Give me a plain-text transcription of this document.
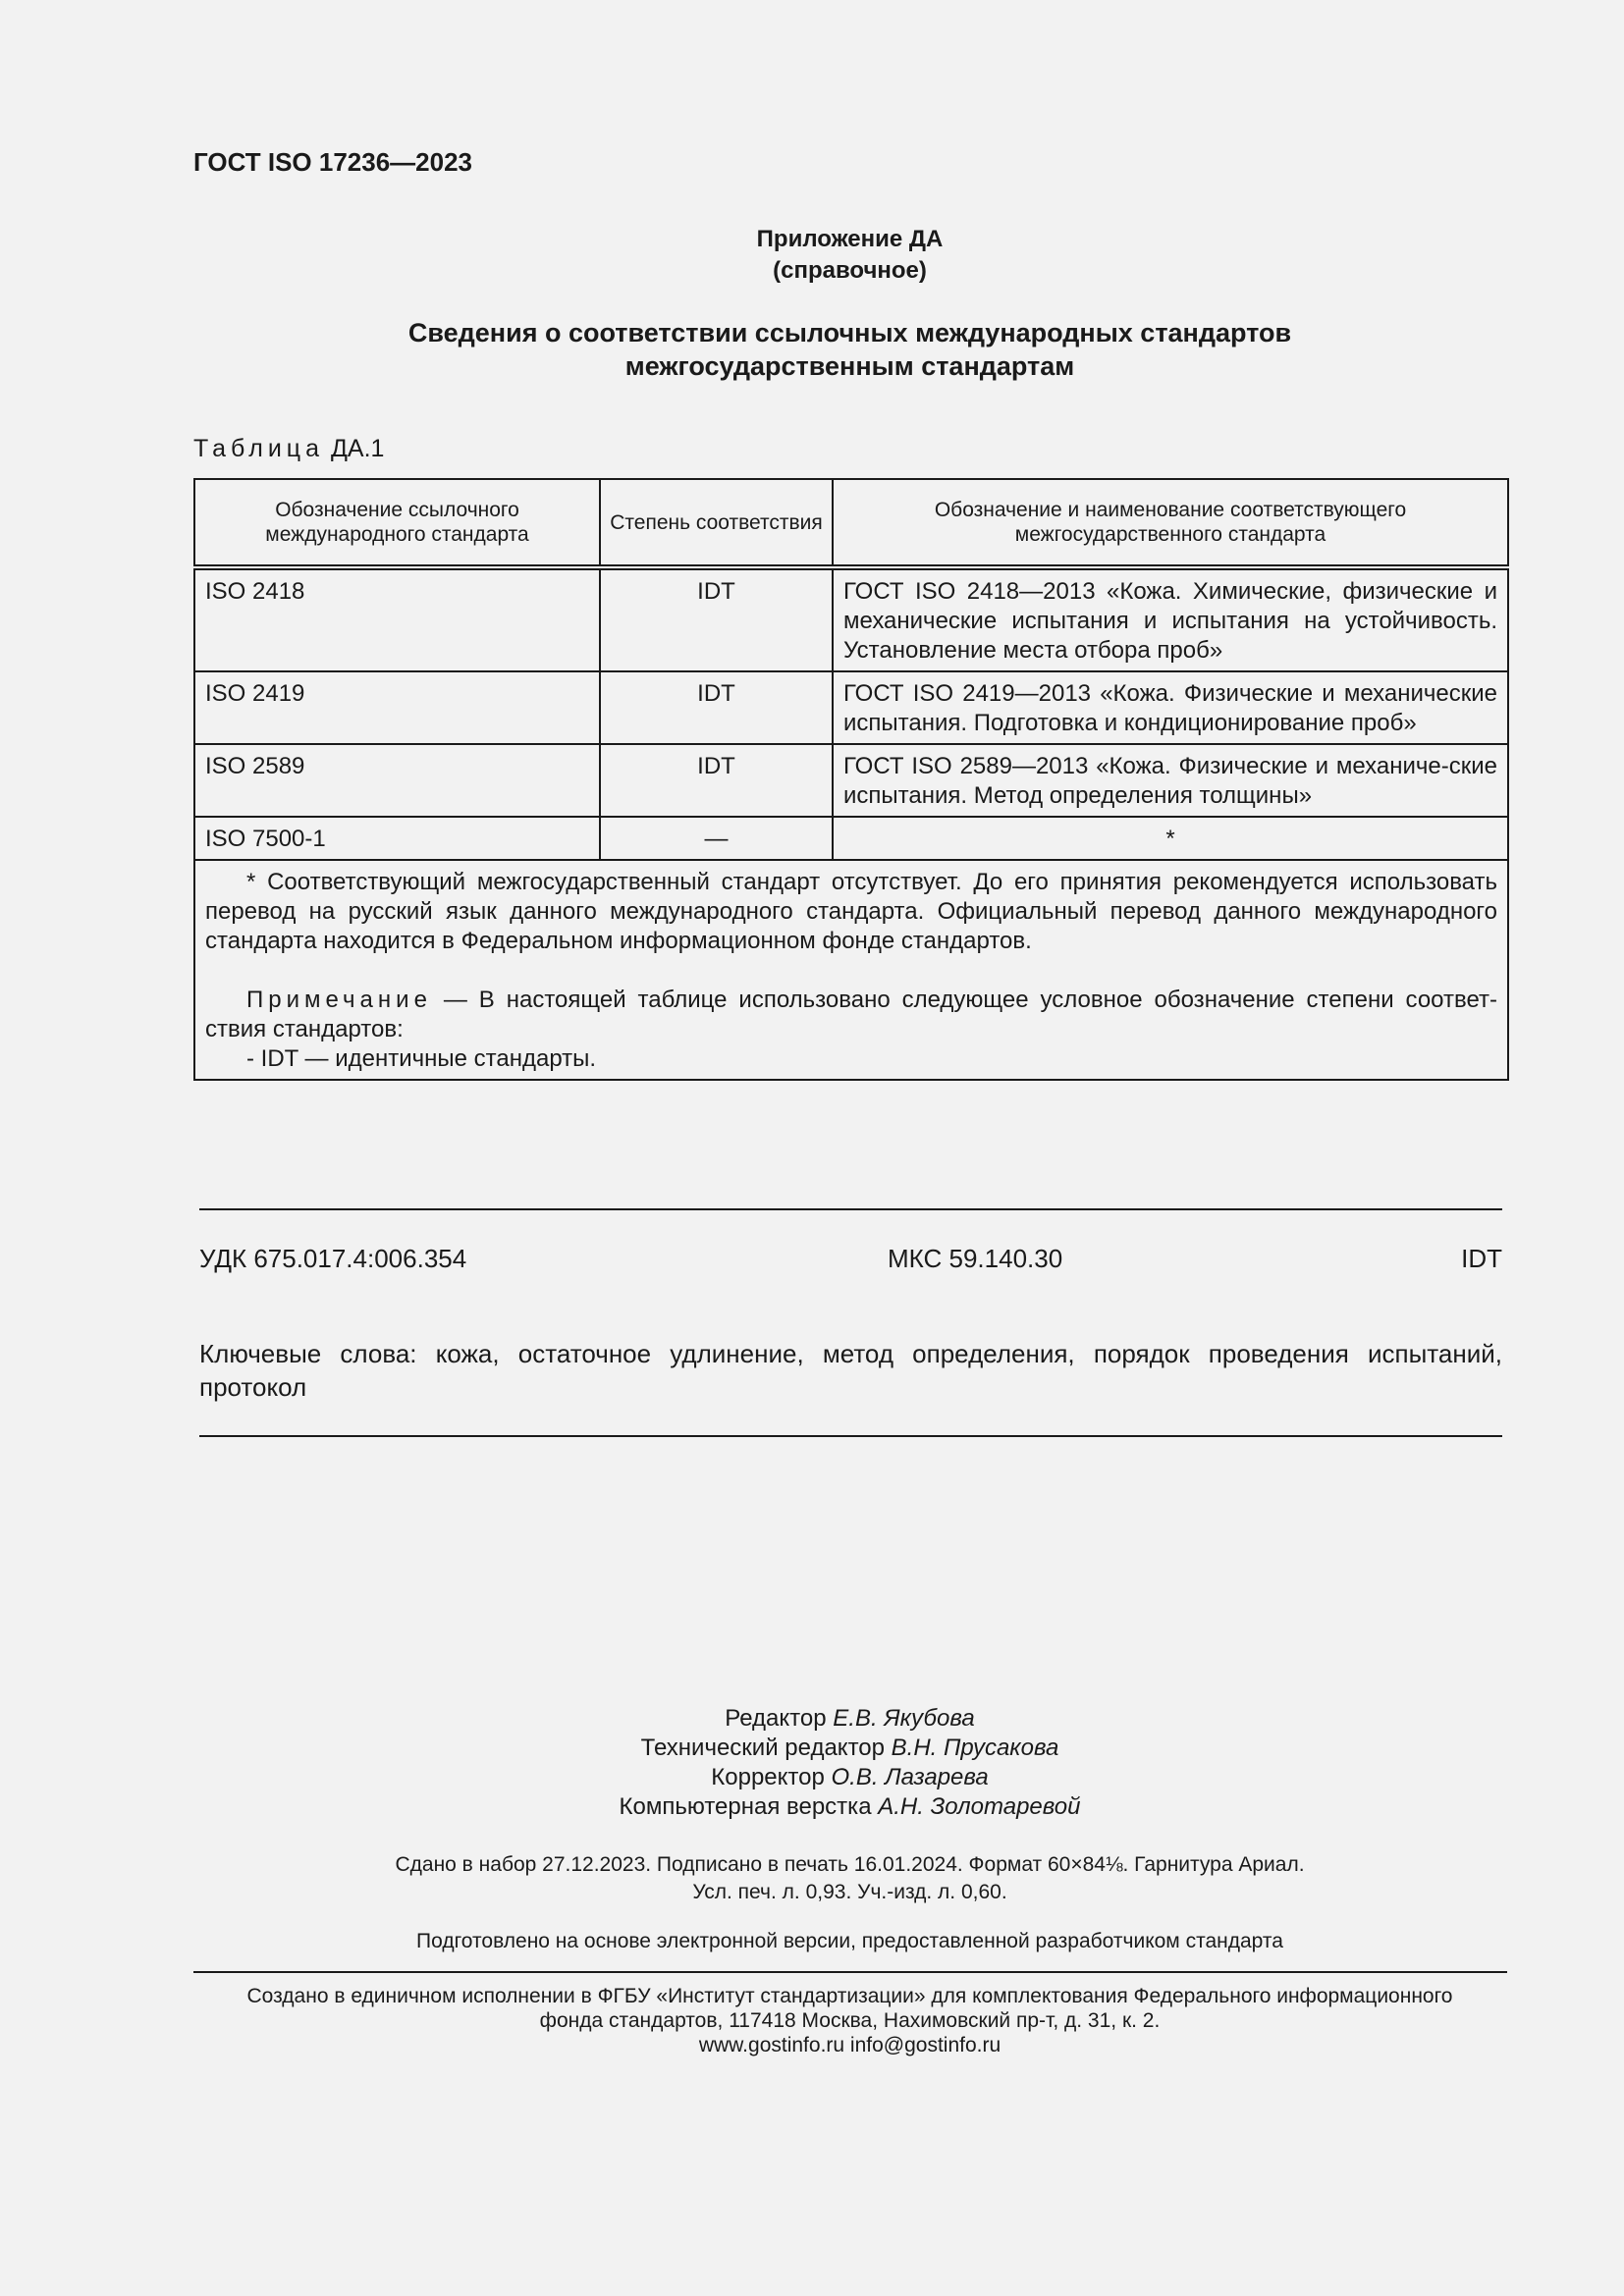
ГОСТ ISO 17236—2023
Приложение ДА
(справочное)
Сведения о соответствии ссылочных международных стандартов
межгосударственным стандартам
Таблица ДА.1
Обозначение ссылочного международного стандарта	Степень соответствия	Обозначение и наименование соответствующего межгосударственного стандарта
ISO 2418	IDT	ГОСТ ISO 2418—2013 «Кожа. Химические, физические и механические испытания и испытания на устойчивость. Установление места отбора проб»
ISO 2419	IDT	ГОСТ ISO 2419—2013 «Кожа. Физические и механические испытания. Подготовка и кондиционирование проб»
ISO 2589	IDT	ГОСТ ISO 2589—2013 «Кожа. Физические и механиче-ские испытания. Метод определения толщины»
ISO 7500-1	—	*

* Соответствующий межгосударственный стандарт отсутствует. До его принятия рекомендуется использовать перевод на русский язык данного международного стандарта. Официальный перевод данного международного стандарта находится в Федеральном информационном фонде стандартов.

Примечание — В настоящей таблице использовано следующее условное обозначение степени соответ-ствия стандартов:

- IDT — идентичные стандарты.		
УДК 675.017.4:006.354	МКС 59.140.30	IDT
Ключевые слова: кожа, остаточное удлинение, метод определения, порядок проведения испытаний, протокол
Редактор Е.В. Якубова
Технический редактор В.Н. Прусакова
Корректор О.В. Лазарева
Компьютерная верстка А.Н. Золотаревой
Сдано в набор 27.12.2023. Подписано в печать 16.01.2024. Формат 60×84⅛. Гарнитура Ариал.
Усл. печ. л. 0,93. Уч.-изд. л. 0,60.
Подготовлено на основе электронной версии, предоставленной разработчиком стандарта
Создано в единичном исполнении в ФГБУ «Институт стандартизации» для комплектования Федерального информационного
фонда стандартов, 117418 Москва, Нахимовский пр-т, д. 31, к. 2.
www.gostinfo.ru info@gostinfo.ru
